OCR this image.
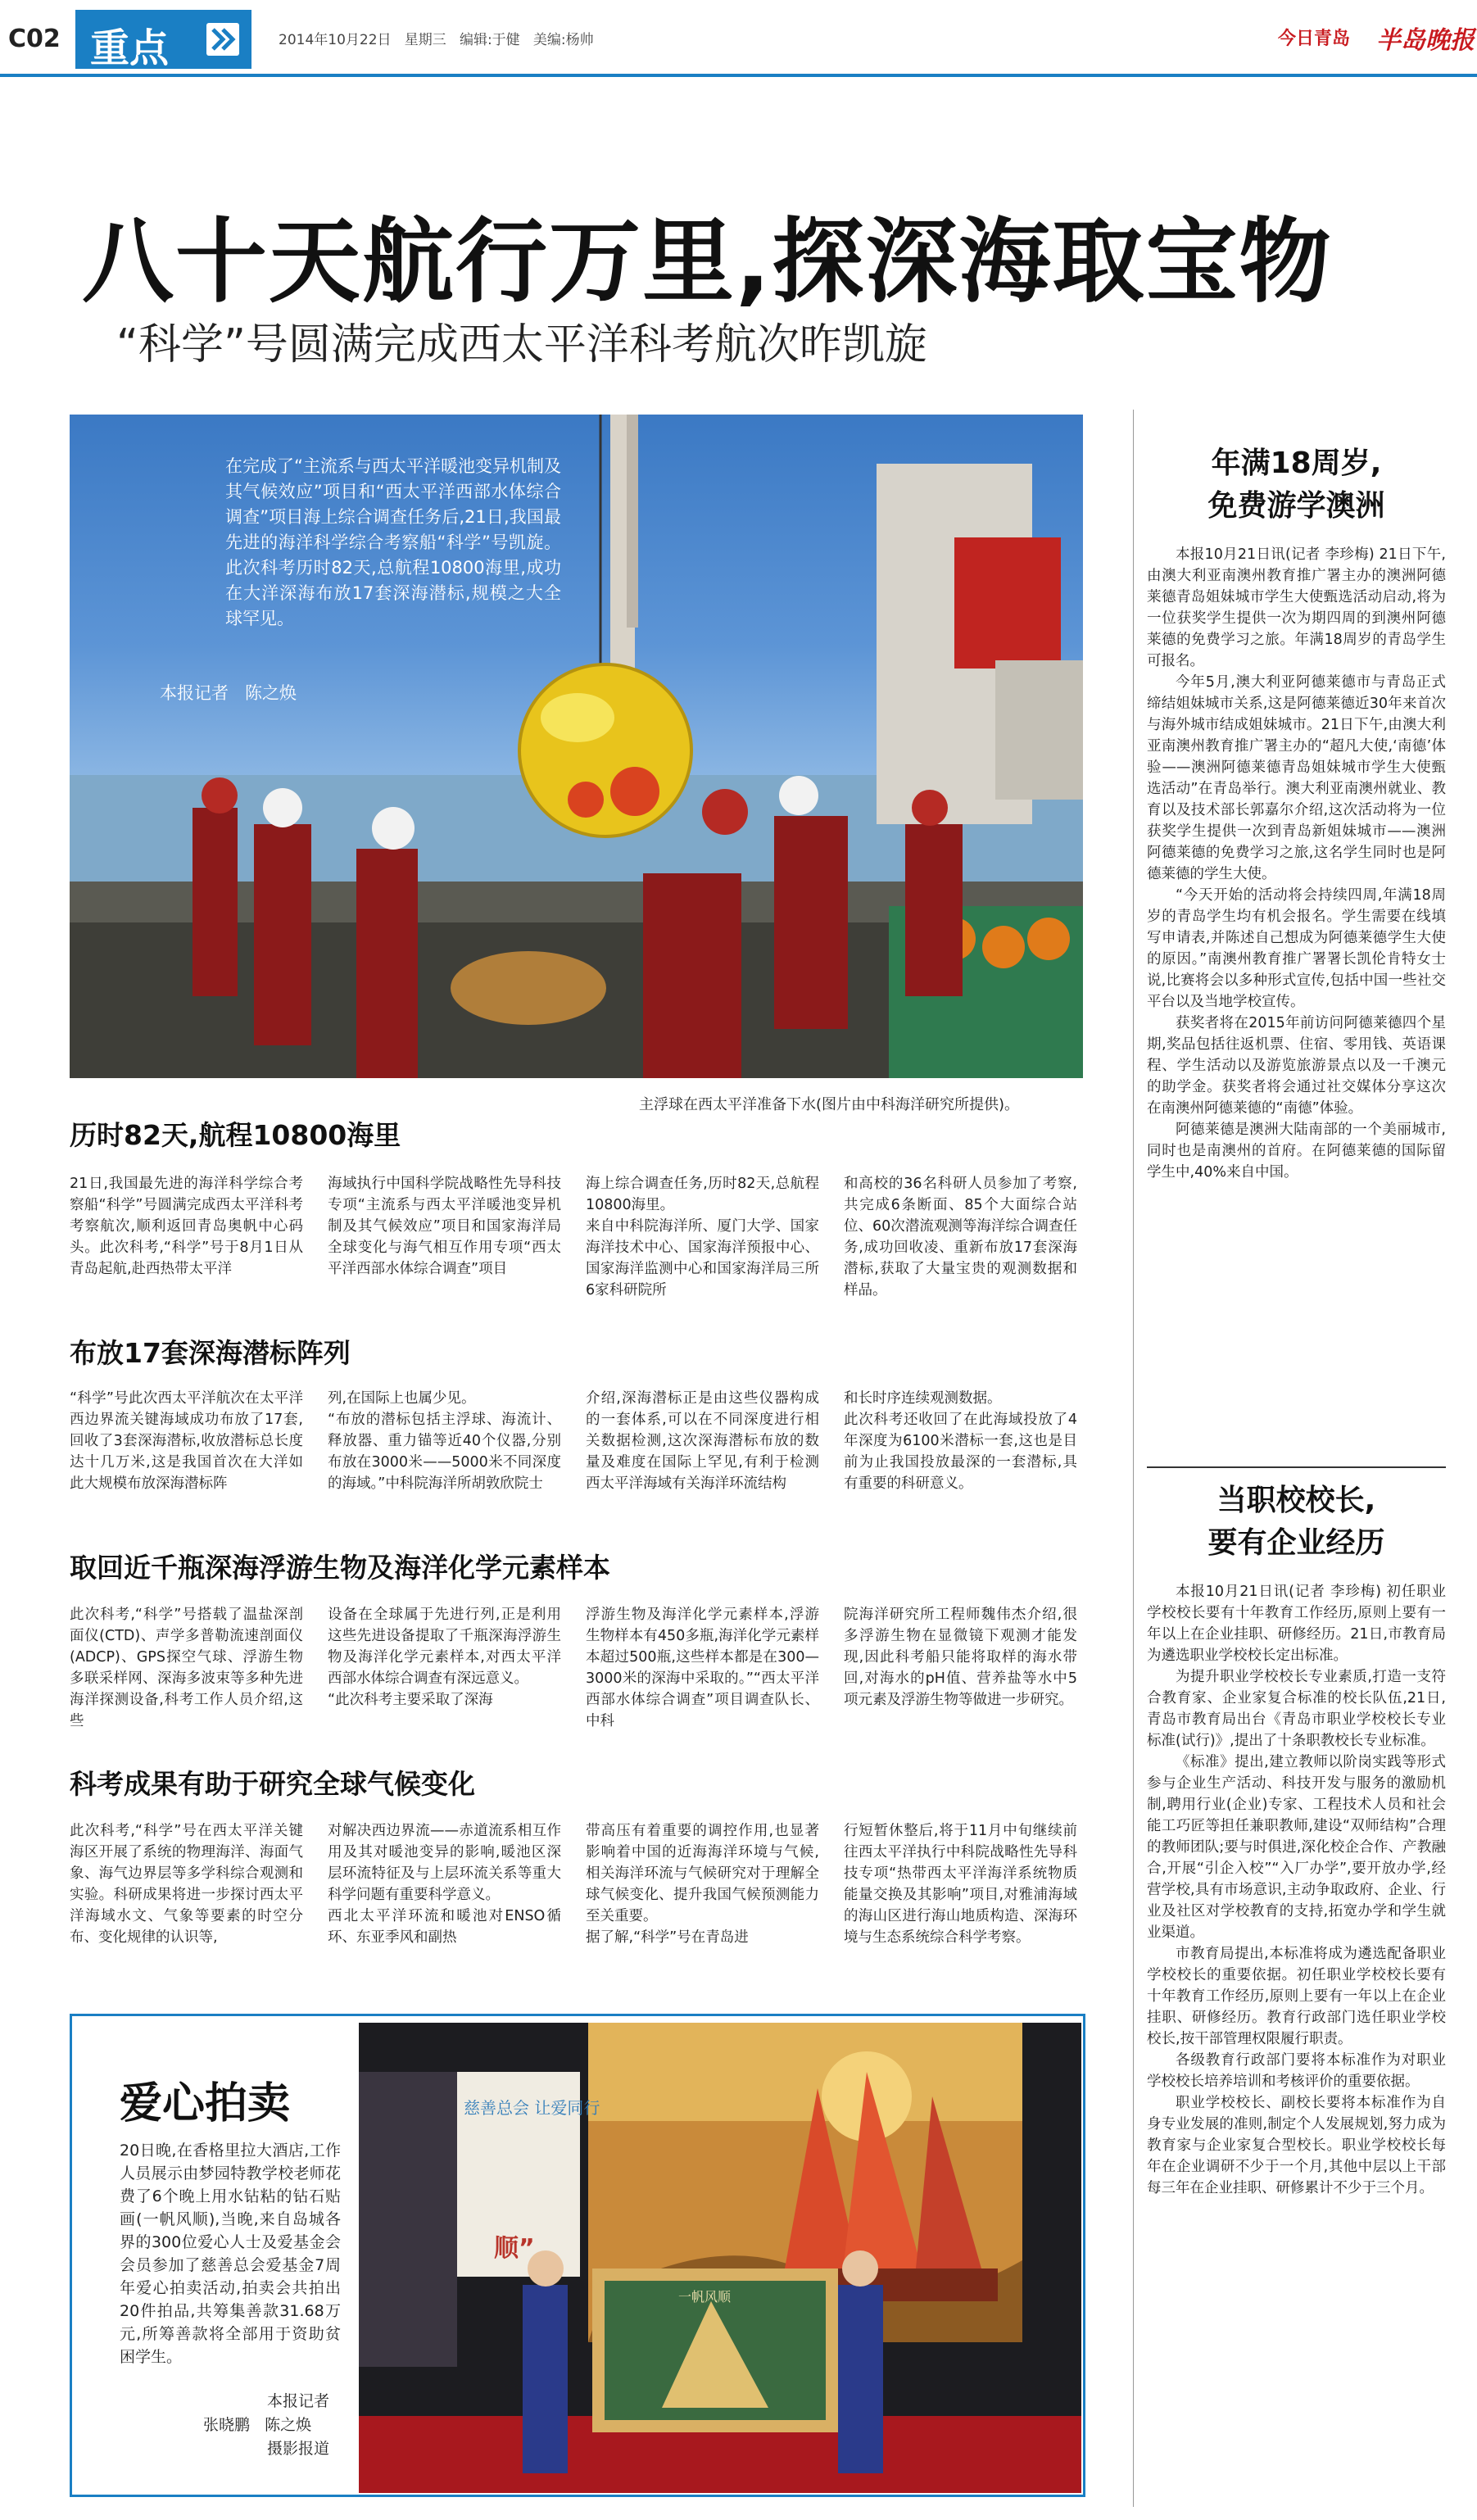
C02 重点	2014年10月22日   星期三   编辑:于健   美编:杨帅	今日青岛 半岛晚报
八十天航行万里,探深海取宝物
“科学”号圆满完成西太平洋科考航次昨凯旋
在完成了“主流系与西太平洋暖池变异机制及其气候效应”项目和“西太平洋西部水体综合调查”项目海上综合调查任务后,21日,我国最先进的海洋科学综合考察船“科学”号凯旋。此次科考历时82天,总航程10800海里,成功在大洋深海布放17套深海潜标,规模之大全球罕见。
本报记者   陈之焕
主浮球在西太平洋准备下水(图片由中科海洋研究所提供)。
历时82天,航程10800海里
21日,我国最先进的海洋科学综合考察船“科学”号圆满完成西太平洋科考考察航次,顺利返回青岛奥帆中心码头。此次科考,“科学”号于8月1日从青岛起航,赴西热带太平洋
海域执行中国科学院战略性先导科技专项“主流系与西太平洋暖池变异机制及其气候效应”项目和国家海洋局全球变化与海气相互作用专项“西太平洋西部水体综合调查”项目
海上综合调查任务,历时82天,总航程10800海里。
来自中科院海洋所、厦门大学、国家海洋技术中心、国家海洋预报中心、国家海洋监测中心和国家海洋局三所6家科研院所
和高校的36名科研人员参加了考察,共完成6条断面、85个大面综合站位、60次潜流观测等海洋综合调查任务,成功回收凌、重新布放17套深海潜标,获取了大量宝贵的观测数据和样品。
布放17套深海潜标阵列
“科学”号此次西太平洋航次在太平洋西边界流关键海域成功布放了17套,回收了3套深海潜标,收放潜标总长度达十几万米,这是我国首次在大洋如此大规模布放深海潜标阵
列,在国际上也属少见。
“布放的潜标包括主浮球、海流计、释放器、重力锚等近40个仪器,分别布放在3000米——5000米不同深度的海域。”中科院海洋所胡敦欣院士
介绍,深海潜标正是由这些仪器构成的一套体系,可以在不同深度进行相关数据检测,这次深海潜标布放的数量及难度在国际上罕见,有利于检测西太平洋海域有关海洋环流结构
和长时序连续观测数据。
此次科考还收回了在此海域投放了4年深度为6100米潜标一套,这也是目前为止我国投放最深的一套潜标,具有重要的科研意义。
取回近千瓶深海浮游生物及海洋化学元素样本
此次科考,“科学”号搭载了温盐深剖面仪(CTD)、声学多普勒流速剖面仪(ADCP)、GPS探空气球、浮游生物多联采样网、深海多波束等多种先进海洋探测设备,科考工作人员介绍,这些
设备在全球属于先进行列,正是利用这些先进设备提取了千瓶深海浮游生物及海洋化学元素样本,对西太平洋西部水体综合调查有深远意义。
“此次科考主要采取了深海
浮游生物及海洋化学元素样本,浮游生物样本有450多瓶,海洋化学元素样本超过500瓶,这些样本都是在300—3000米的深海中采取的。”“西太平洋西部水体综合调查”项目调查队长、中科
院海洋研究所工程师魏伟杰介绍,很多浮游生物在显微镜下观测才能发现,因此科考船只能将取样的海水带回,对海水的pH值、营养盐等水中5项元素及浮游生物等做进一步研究。
科考成果有助于研究全球气候变化
此次科考,“科学”号在西太平洋关键海区开展了系统的物理海洋、海面气象、海气边界层等多学科综合观测和实验。科研成果将进一步探讨西太平洋海域水文、气象等要素的时空分布、变化规律的认识等,
对解决西边界流——赤道流系相互作用及其对暖池变异的影响,暖池区深层环流特征及与上层环流关系等重大科学问题有重要科学意义。
西北太平洋环流和暖池对ENSO循环、东亚季风和副热
带高压有着重要的调控作用,也显著影响着中国的近海海洋环境与气候,相关海洋环流与气候研究对于理解全球气候变化、提升我国气候预测能力至关重要。
据了解,“科学”号在青岛进
行短暂休整后,将于11月中旬继续前往西太平洋执行中科院战略性先导科技专项“热带西太平洋海洋系统物质能量交换及其影响”项目,对雅浦海域的海山区进行海山地质构造、深海环境与生态系统综合科学考察。
爱心拍卖
20日晚,在香格里拉大酒店,工作人员展示由梦园特教学校老师花费了6个晚上用水钻粘的钻石贴画(一帆风顺),当晚,来自岛城各界的300位爱心人士及爱基金会会员参加了慈善总会爱基金7周年爱心拍卖活动,拍卖会共拍出20件拍品,共筹集善款31.68万元,所筹善款将全部用于资助贫困学生。
本报记者
张晓鹏   陈之焕
摄影报道
慈善总会 让爱同行
一帆风顺
顺”
年满18周岁,
免费游学澳洲
本报10月21日讯(记者 李珍梅) 21日下午,由澳大利亚南澳州教育推广署主办的澳洲阿德莱德青岛姐妹城市学生大使甄选活动启动,将为一位获奖学生提供一次为期四周的到澳州阿德莱德的免费学习之旅。年满18周岁的青岛学生可报名。
今年5月,澳大利亚阿德莱德市与青岛正式缔结姐妹城市关系,这是阿德莱德近30年来首次与海外城市结成姐妹城市。21日下午,由澳大利亚南澳州教育推广署主办的“超凡大使,‘南德’体验——澳洲阿德莱德青岛姐妹城市学生大使甄选活动”在青岛举行。澳大利亚南澳州就业、教育以及技术部长郭嘉尔介绍,这次活动将为一位获奖学生提供一次到青岛新姐妹城市——澳洲阿德莱德的免费学习之旅,这名学生同时也是阿德莱德的学生大使。
“今天开始的活动将会持续四周,年满18周岁的青岛学生均有机会报名。学生需要在线填写申请表,并陈述自己想成为阿德莱德学生大使的原因。”南澳州教育推广署署长凯伦肯特女士说,比赛将会以多种形式宣传,包括中国一些社交平台以及当地学校宣传。
获奖者将在2015年前访问阿德莱德四个星期,奖品包括往返机票、住宿、零用钱、英语课程、学生活动以及游览旅游景点以及一千澳元的助学金。获奖者将会通过社交媒体分享这次在南澳州阿德莱德的“南德”体验。
阿德莱德是澳洲大陆南部的一个美丽城市,同时也是南澳州的首府。在阿德莱德的国际留学生中,40%来自中国。
当职校校长,
要有企业经历
本报10月21日讯(记者 李珍梅) 初任职业学校校长要有十年教育工作经历,原则上要有一年以上在企业挂职、研修经历。21日,市教育局为遴选职业学校校长定出标准。
为提升职业学校校长专业素质,打造一支符合教育家、企业家复合标准的校长队伍,21日,青岛市教育局出台《青岛市职业学校校长专业标准(试行)》,提出了十条职教校长专业标准。
《标准》提出,建立教师以阶岗实践等形式参与企业生产活动、科技开发与服务的激励机制,聘用行业(企业)专家、工程技术人员和社会能工巧匠等担任兼职教师,建设“双师结构”合理的教师团队;要与时俱进,深化校企合作、产教融合,开展“引企入校”“入厂办学”,要开放办学,经营学校,具有市场意识,主动争取政府、企业、行业及社区对学校教育的支持,拓宽办学和学生就业渠道。
市教育局提出,本标准将成为遴选配备职业学校校长的重要依据。初任职业学校校长要有十年教育工作经历,原则上要有一年以上在企业挂职、研修经历。教育行政部门选任职业学校校长,按干部管理权限履行职责。
各级教育行政部门要将本标准作为对职业学校校长培养培训和考核评价的重要依据。
职业学校校长、副校长要将本标准作为自身专业发展的准则,制定个人发展规划,努力成为教育家与企业家复合型校长。职业学校校长每年在企业调研不少于一个月,其他中层以上干部每三年在企业挂职、研修累计不少于三个月。
